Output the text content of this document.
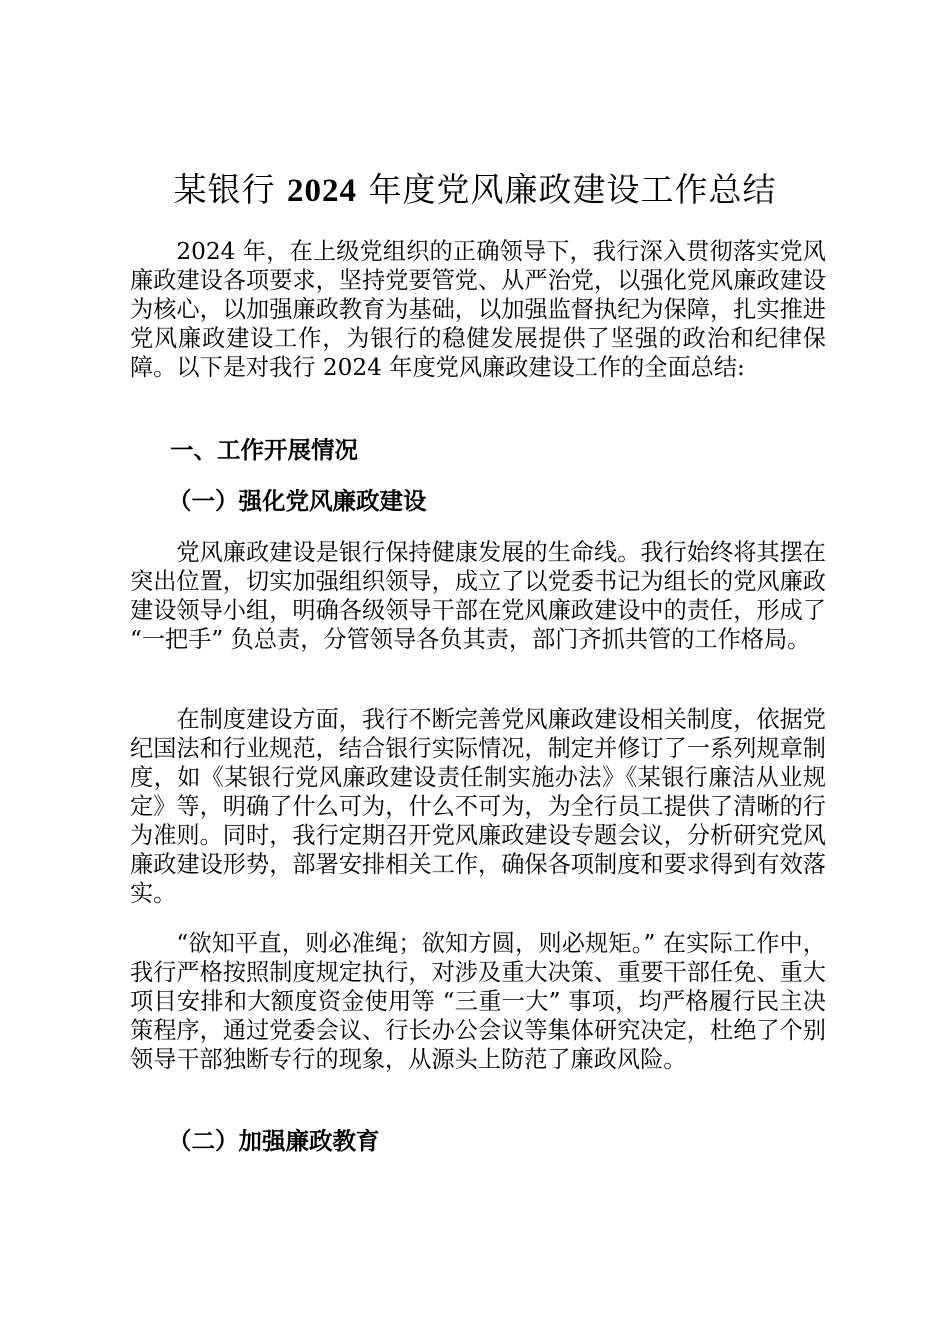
某银行 2024 年度党风廉政建设工作总结

2024 年，在上级党组织的正确领导下，我行深入贯彻落实党风廉政建设各项要求，坚持党要管党、从严治党，以强化党风廉政建设为核心，以加强廉政教育为基础，以加强监督执纪为保障，扎实推进党风廉政建设工作，为银行的稳健发展提供了坚强的政治和纪律保障。以下是对我行 2024 年度党风廉政建设工作的全面总结:

一、工作开展情况
（一）强化党风廉政建设

党风廉政建设是银行保持健康发展的生命线。我行始终将其摆在突出位置，切实加强组织领导，成立了以党委书记为组长的党风廉政建设领导小组，明确各级领导干部在党风廉政建设中的责任，形成了 “一把手” 负总责，分管领导各负其责，部门齐抓共管的工作格局。

在制度建设方面，我行不断完善党风廉政建设相关制度，依据党纪国法和行业规范，结合银行实际情况，制定并修订了一系列规章制度，如《某银行党风廉政建设责任制实施办法》《某银行廉洁从业规定》等，明确了什么可为，什么不可为，为全行员工提供了清晰的行为准则。同时，我行定期召开党风廉政建设专题会议，分析研究党风廉政建设形势，部署安排相关工作，确保各项制度和要求得到有效落实。

“欲知平直，则必准绳；欲知方圆，则必规矩。” 在实际工作中，我行严格按照制度规定执行，对涉及重大决策、重要干部任免、重大项目安排和大额度资金使用等 “三重一大” 事项，均严格履行民主决策程序，通过党委会议、行长办公会议等集体研究决定，杜绝了个别领导干部独断专行的现象，从源头上防范了廉政风险。

（二）加强廉政教育
